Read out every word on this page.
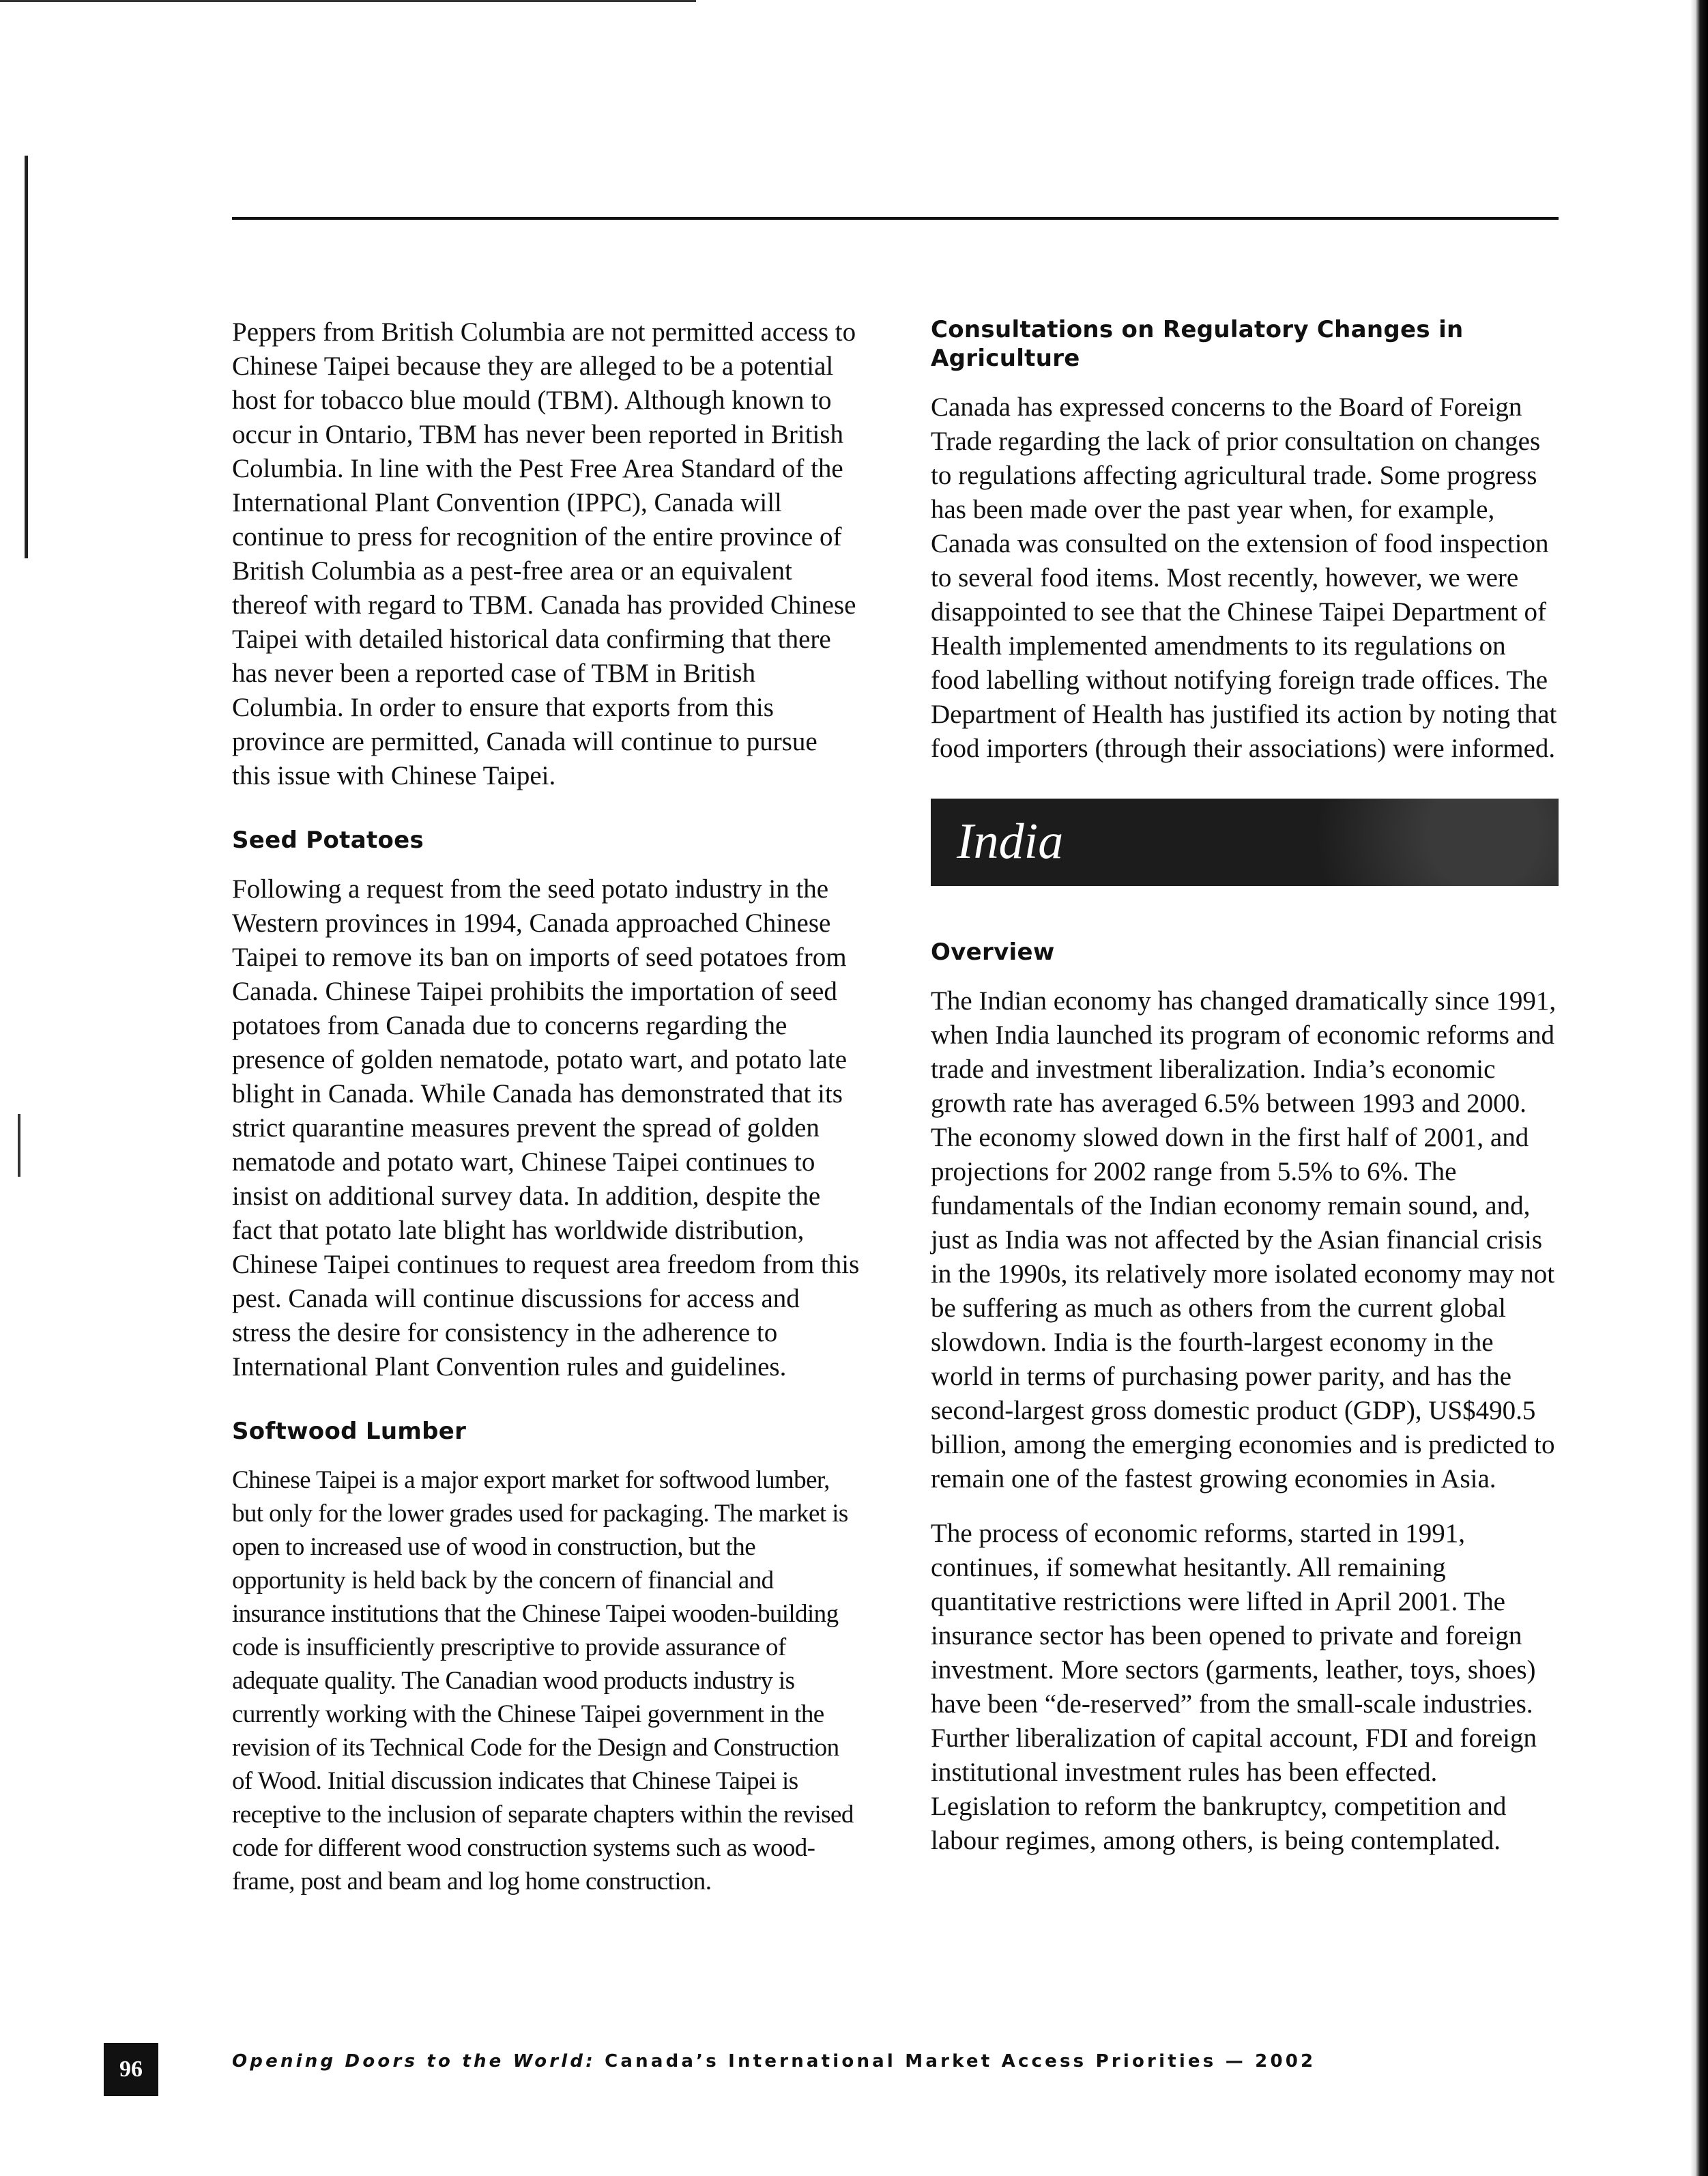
Peppers from British Columbia are not permitted access to Chinese Taipei because they are alleged to be a potential host for tobacco blue mould (TBM). Although known to occur in Ontario, TBM has never been reported in British Columbia. In line with the Pest Free Area Standard of the International Plant Convention (IPPC), Canada will continue to press for recognition of the entire province of British Columbia as a pest-free area or an equivalent thereof with regard to TBM. Canada has provided Chinese Taipei with detailed historical data confirming that there has never been a reported case of TBM in British Columbia. In order to ensure that exports from this province are permitted, Canada will continue to pursue this issue with Chinese Taipei.

Seed Potatoes

Following a request from the seed potato industry in the Western provinces in 1994, Canada approached Chinese Taipei to remove its ban on imports of seed potatoes from Canada. Chinese Taipei prohibits the importation of seed potatoes from Canada due to concerns regarding the presence of golden nematode, potato wart, and potato late blight in Canada. While Canada has demonstrated that its strict quarantine measures prevent the spread of golden nematode and potato wart, Chinese Taipei continues to insist on additional survey data. In addition, despite the fact that potato late blight has worldwide distribution, Chinese Taipei continues to request area freedom from this pest. Canada will continue discussions for access and stress the desire for consistency in the adherence to International Plant Convention rules and guidelines.

Softwood Lumber

Chinese Taipei is a major export market for softwood lumber, but only for the lower grades used for packaging. The market is open to increased use of wood in construction, but the opportunity is held back by the concern of financial and insurance institutions that the Chinese Taipei wooden-building code is insufficiently prescriptive to provide assurance of adequate quality. The Canadian wood products industry is currently working with the Chinese Taipei government in the revision of its Technical Code for the Design and Construction of Wood. Initial discussion indicates that Chinese Taipei is receptive to the inclusion of separate chapters within the revised code for different wood construction systems such as wood-frame, post and beam and log home construction.

Consultations on Regulatory Changes in Agriculture

Canada has expressed concerns to the Board of Foreign Trade regarding the lack of prior consultation on changes to regulations affecting agricultural trade. Some progress has been made over the past year when, for example, Canada was consulted on the extension of food inspection to several food items. Most recently, however, we were disappointed to see that the Chinese Taipei Department of Health implemented amendments to its regulations on food labelling without notifying foreign trade offices. The Department of Health has justified its action by noting that food importers (through their associations) were informed.

India
Overview

The Indian economy has changed dramatically since 1991, when India launched its program of economic reforms and trade and investment liberalization. India’s economic growth rate has averaged 6.5% between 1993 and 2000. The economy slowed down in the first half of 2001, and projections for 2002 range from 5.5% to 6%. The fundamentals of the Indian economy remain sound, and, just as India was not affected by the Asian financial crisis in the 1990s, its relatively more isolated economy may not be suffering as much as others from the current global slowdown. India is the fourth-largest economy in the world in terms of purchasing power parity, and has the second-largest gross domestic product (GDP), US$490.5 billion, among the emerging economies and is predicted to remain one of the fastest growing economies in Asia.

The process of economic reforms, started in 1991, continues, if somewhat hesitantly. All remaining quantitative restrictions were lifted in April 2001. The insurance sector has been opened to private and foreign investment. More sectors (garments, leather, toys, shoes) have been “de-reserved” from the small-scale industries. Further liberalization of capital account, FDI and foreign institutional investment rules has been effected. Legislation to reform the bankruptcy, competition and labour regimes, among others, is being contemplated.

96	Opening Doors to the World: Canada’s International Market Access Priorities — 2002
